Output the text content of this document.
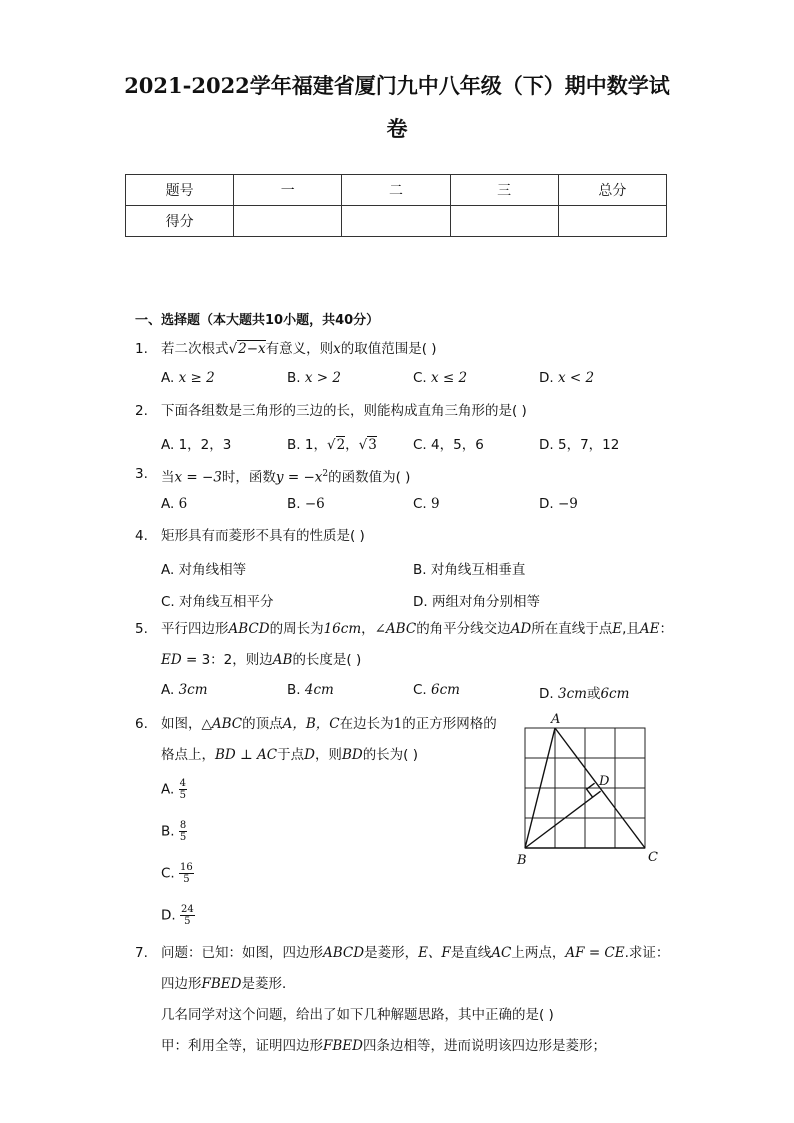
2021-2022学年福建省厦门九中八年级（下）期中数学试
卷
题号	一	二	三	总分
得分				
一、选择题（本大题共10小题，共40分）
1. 若二次根式√2−x有意义，则x的取值范围是( )
A. x ≥ 2	B. x > 2	C. x ≤ 2	D. x < 2
2. 下面各组数是三角形的三边的长，则能构成直角三角形的是( )
A. 1，2，3	B. 1，√2，√3	C. 4，5，6	D. 5，7，12
3. 当x = −3时，函数$y = -x^2$的函数值为( )
A. 6	B. −6	C. 9	D. −9
4. 矩形具有而菱形不具有的性质是( )
A. 对角线相等	B. 对角线互相垂直
C. 对角线互相平分	D. 两组对角分别相等
5. 平行四边形ABCD的周长为16cm，∠ABC的角平分线交边AD所在直线于点E,且AE：
ED = 3：2，则边AB的长度是( )
A. 3cm	B. 4cm	C. 6cm	D. 3cm或6cm
6. 如图，△ABC的顶点A，B，C在边长为1的正方形网格的
格点上，BD ⊥ AC于点D，则BD的长为( )
A. $\frac{4}{5}$
B. $\frac{8}{5}$
C. $\frac{16}{5}$
D. $\frac{24}{5}$
A
B	C
D
7. 问题：已知：如图，四边形ABCD是菱形，E、F是直线AC上两点，AF = CE.求证：
四边形FBED是菱形．
几名同学对这个问题，给出了如下几种解题思路，其中正确的是( )
甲：利用全等，证明四边形FBED四条边相等，进而说明该四边形是菱形；
